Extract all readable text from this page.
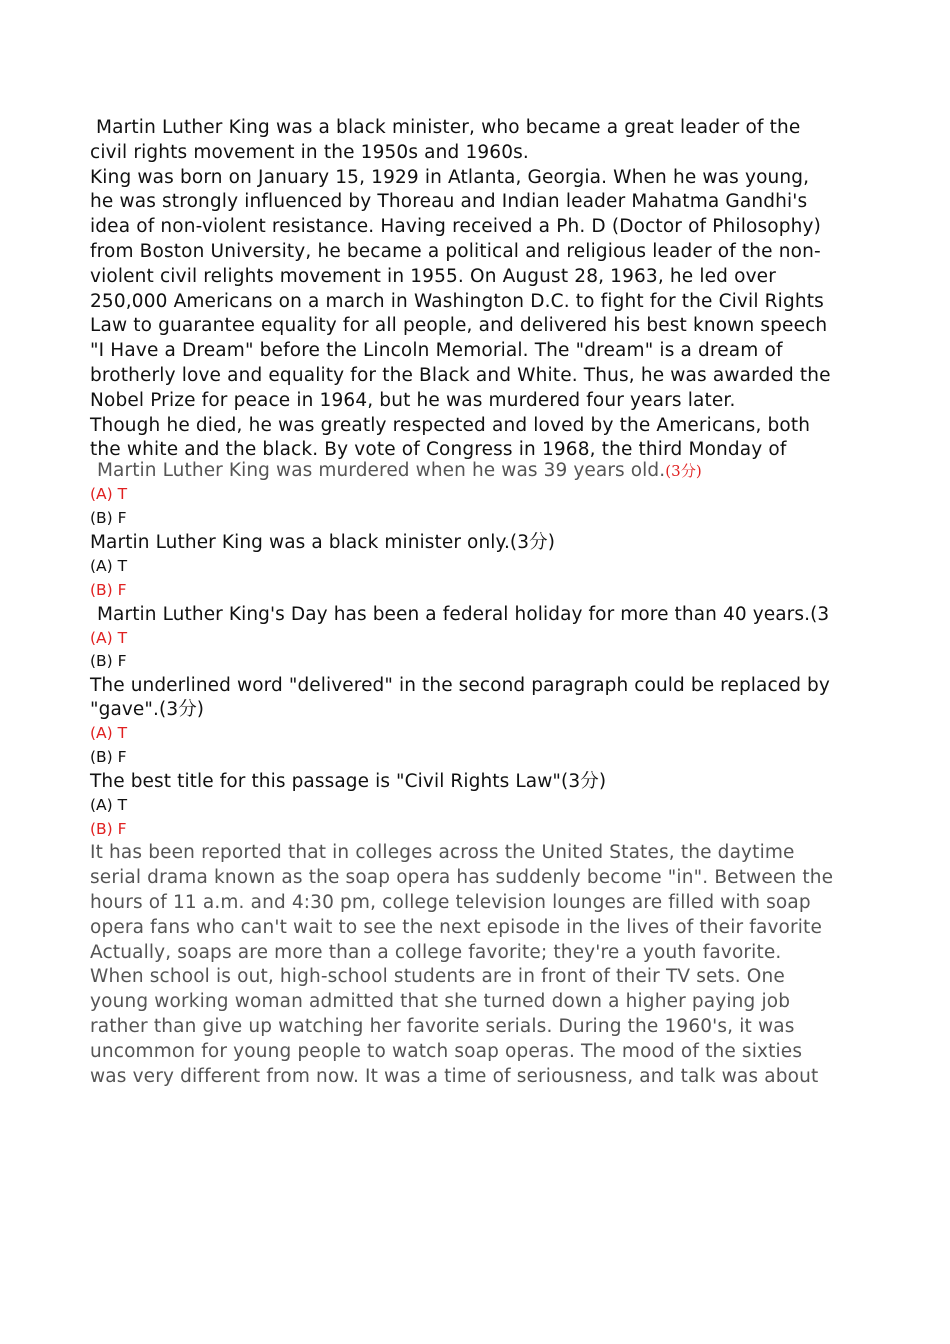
Martin Luther King was a black minister, who became a great leader of the
civil rights movement in the 1950s and 1960s.
King was born on January 15, 1929 in Atlanta, Georgia. When he was young,
he was strongly influenced by Thoreau and Indian leader Mahatma Gandhi's
idea of non-violent resistance. Having received a Ph. D (Doctor of Philosophy)
from Boston University, he became a political and religious leader of the non-
violent civil relights movement in 1955. On August 28, 1963, he led over
250,000 Americans on a march in Washington D.C. to fight for the Civil Rights
Law to guarantee equality for all people, and delivered his best known speech
"I Have a Dream" before the Lincoln Memorial. The "dream" is a dream of
brotherly love and equality for the Black and White. Thus, he was awarded the
Nobel Prize for peace in 1964, but he was murdered four years later.
Though he died, he was greatly respected and loved by the Americans, both
the white and the black. By vote of Congress in 1968, the third Monday of
Martin Luther King was murdered when he was 39 years old.(3分)
(A) T
(B) F
Martin Luther King was a black minister only.(3分)
(A) T
(B) F
Martin Luther King's Day has been a federal holiday for more than 40 years.(3
(A) T
(B) F
The underlined word "delivered" in the second paragraph could be replaced by
"gave".(3分)
(A) T
(B) F
The best title for this passage is "Civil Rights Law"(3分)
(A) T
(B) F
It has been reported that in colleges across the United States, the daytime
serial drama known as the soap opera has suddenly become "in". Between the
hours of 11 a.m. and 4:30 pm, college television lounges are filled with soap
opera fans who can't wait to see the next episode in the lives of their favorite
Actually, soaps are more than a college favorite; they're a youth favorite.
When school is out, high-school students are in front of their TV sets. One
young working woman admitted that she turned down a higher paying job
rather than give up watching her favorite serials. During the 1960's, it was
uncommon for young people to watch soap operas. The mood of the sixties
was very different from now. It was a time of seriousness, and talk was about
